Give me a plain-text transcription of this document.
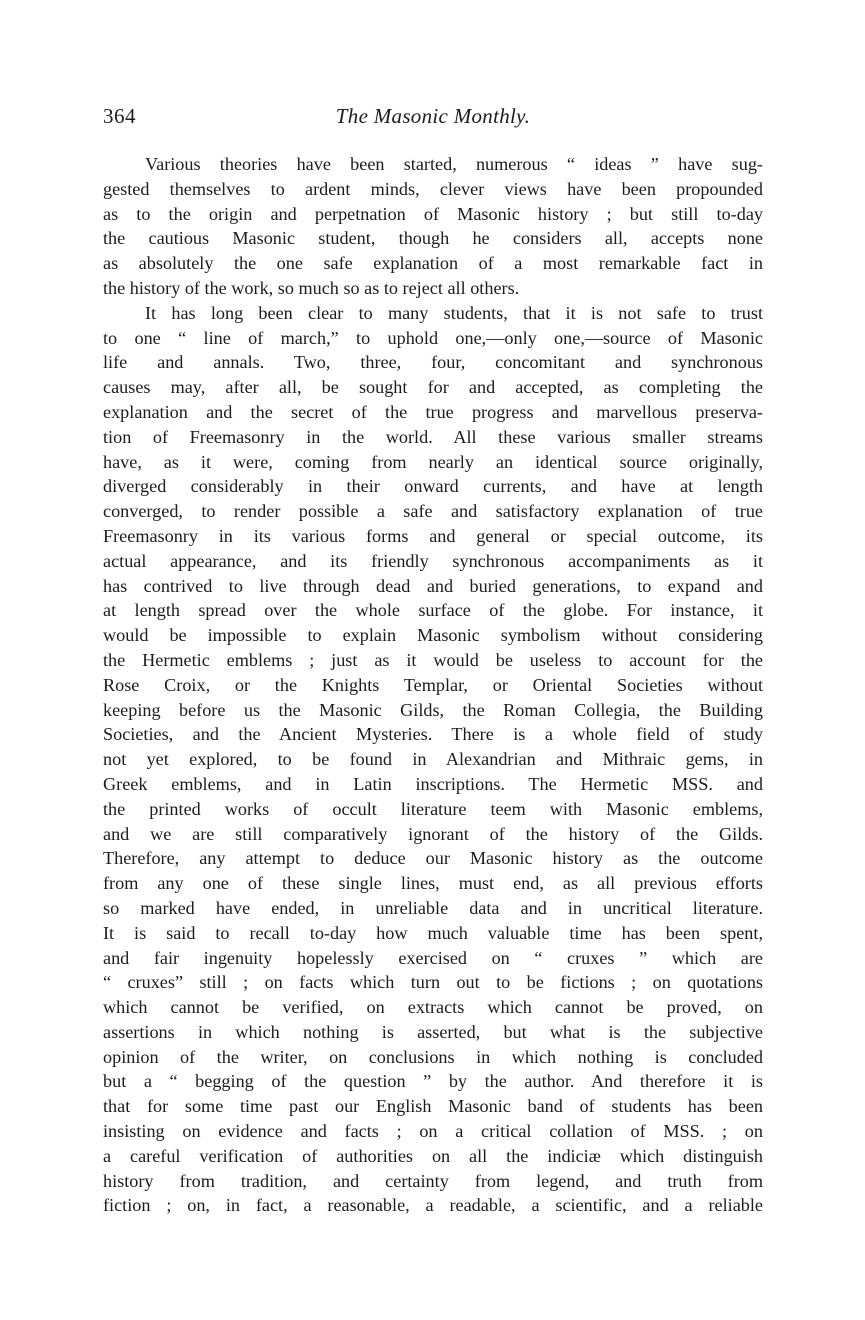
364	The Masonic Monthly.
Various theories have been started, numerous “ ideas ” have sug-
gested themselves to ardent minds, clever views have been propounded
as to the origin and perpetnation of Masonic history ; but still to-day
the cautious Masonic student, though he considers all, accepts none
as absolutely the one safe explanation of a most remarkable fact in
the history of the work, so much so as to reject all others.
It has long been clear to many students, that it is not safe to trust
to one “ line of march,” to uphold one,—only one,—source of Masonic
life and annals. Two, three, four, concomitant and synchronous
causes may, after all, be sought for and accepted, as completing the
explanation and the secret of the true progress and marvellous preserva-
tion of Freemasonry in the world. All these various smaller streams
have, as it were, coming from nearly an identical source originally,
diverged considerably in their onward currents, and have at length
converged, to render possible a safe and satisfactory explanation of true
Freemasonry in its various forms and general or special outcome, its
actual appearance, and its friendly synchronous accompaniments as it
has contrived to live through dead and buried generations, to expand and
at length spread over the whole surface of the globe. For instance, it
would be impossible to explain Masonic symbolism without considering
the Hermetic emblems ; just as it would be useless to account for the
Rose Croix, or the Knights Templar, or Oriental Societies without
keeping before us the Masonic Gilds, the Roman Collegia, the Building
Societies, and the Ancient Mysteries. There is a whole field of study
not yet explored, to be found in Alexandrian and Mithraic gems, in
Greek emblems, and in Latin inscriptions. The Hermetic MSS. and
the printed works of occult literature teem with Masonic emblems,
and we are still comparatively ignorant of the history of the Gilds.
Therefore, any attempt to deduce our Masonic history as the outcome
from any one of these single lines, must end, as all previous efforts
so marked have ended, in unreliable data and in uncritical literature.
It is said to recall to-day how much valuable time has been spent,
and fair ingenuity hopelessly exercised on “ cruxes ” which are
“ cruxes” still ; on facts which turn out to be fictions ; on quotations
which cannot be verified, on extracts which cannot be proved, on
assertions in which nothing is asserted, but what is the subjective
opinion of the writer, on conclusions in which nothing is concluded
but a “ begging of the question ” by the author. And therefore it is
that for some time past our English Masonic band of students has been
insisting on evidence and facts ; on a critical collation of MSS. ; on
a careful verification of authorities on all the indiciæ which distinguish
history from tradition, and certainty from legend, and truth from
fiction ; on, in fact, a reasonable, a readable, a scientific, and a reliable
